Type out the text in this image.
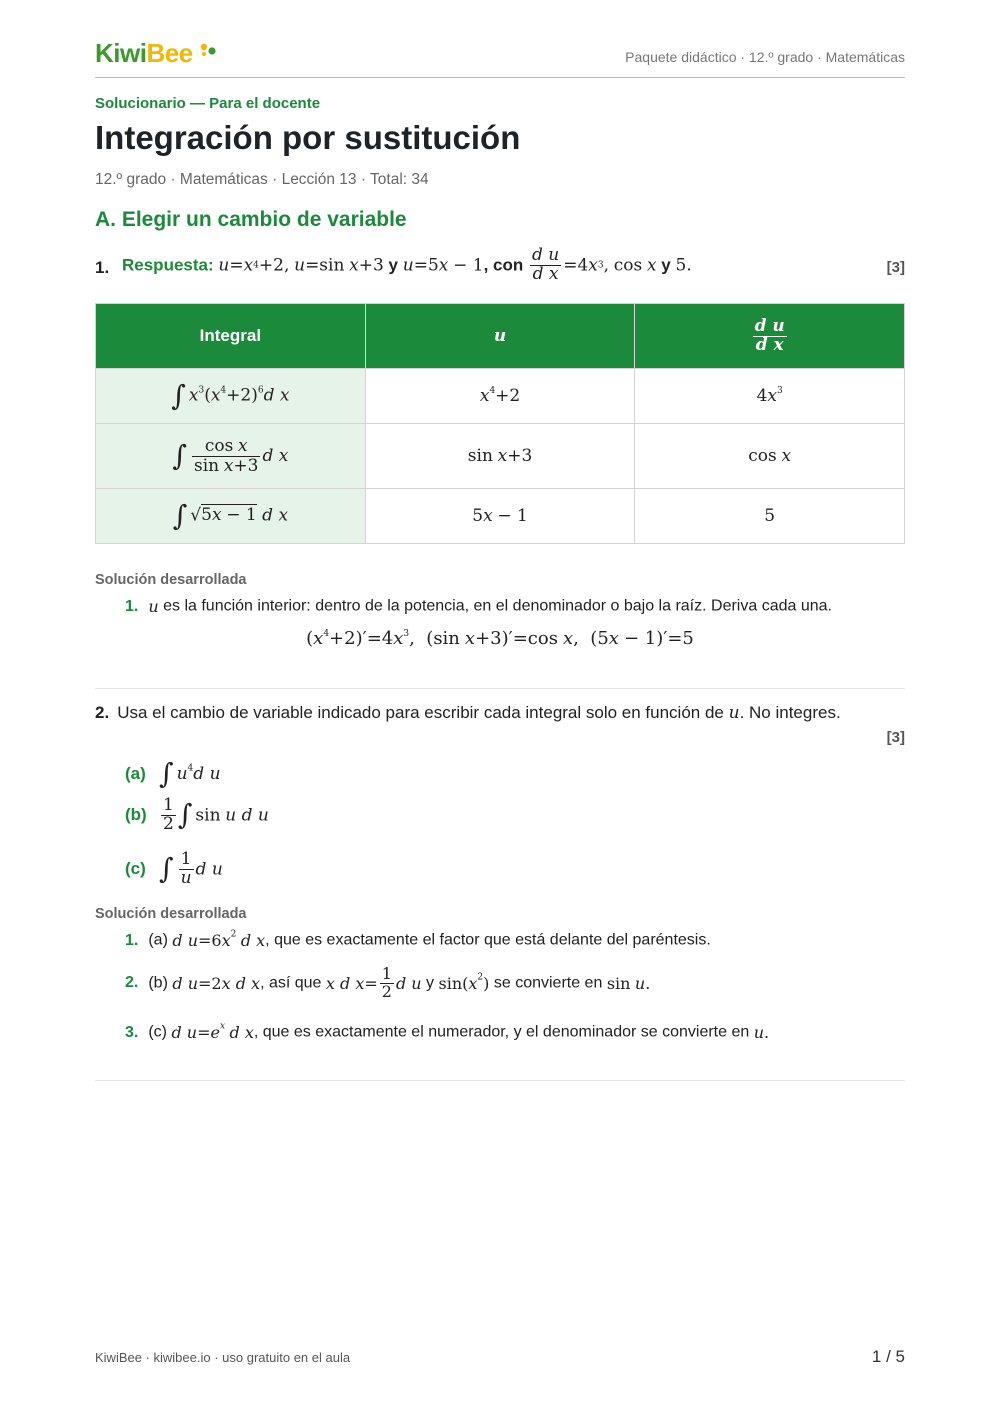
KiwiBee	Paquete didáctico · 12.º grado · Matemáticas
Solucionario — Para el docente
Integración por sustitución
12.º grado · Matemáticas · Lección 13 · Total: 34
A. Elegir un cambio de variable
1. Respuesta: u=x4+2, u=sin x+3 y u=5x − 1, con $\frac{\text{d u}}{\text{d x}} =4x3$, cos x y 5.	[3]
Integral	u	$\frac{\text{d u}}{\text{d x}}$

∫ $x^3(x^4+2)^6d$ x	$x^4+2$	$4x^3$
∫ $\frac{\text{cos x}}{\text{sin x+3}}$ d x	sin x+3	cos x
∫ √5x − 1 d x	5x − 1	5
Solución desarrollada
1. u es la función interior: dentro de la potencia, en el denominador o bajo la raíz. Deriva cada una.
$(x^4+2)'=4x^3$,  (sin x+3)′=cos x,  (5x − 1)′=5
2. Usa el cambio de variable indicado para escribir cada integral solo en función de u. No integres.
[3]
(a) ∫ $u^4d$ u
$(b) \frac{1}{2}$ ∫ sin u d u
(c) ∫ $\frac{1}{u}$ d u
Solución desarrollada
1. (a) d $u=6x^2$ d x, que es exactamente el factor que está delante del paréntesis.
2. (b) d u=2x d x, así que x d $x= \frac{1}{2}$ d u y $\sin(x^2)$ se convierte en sin u.
3. (c) d $u=e^x$ d x, que es exactamente el numerador, y el denominador se convierte en u.
KiwiBee · kiwibee.io · uso gratuito en el aula	1 / 5
